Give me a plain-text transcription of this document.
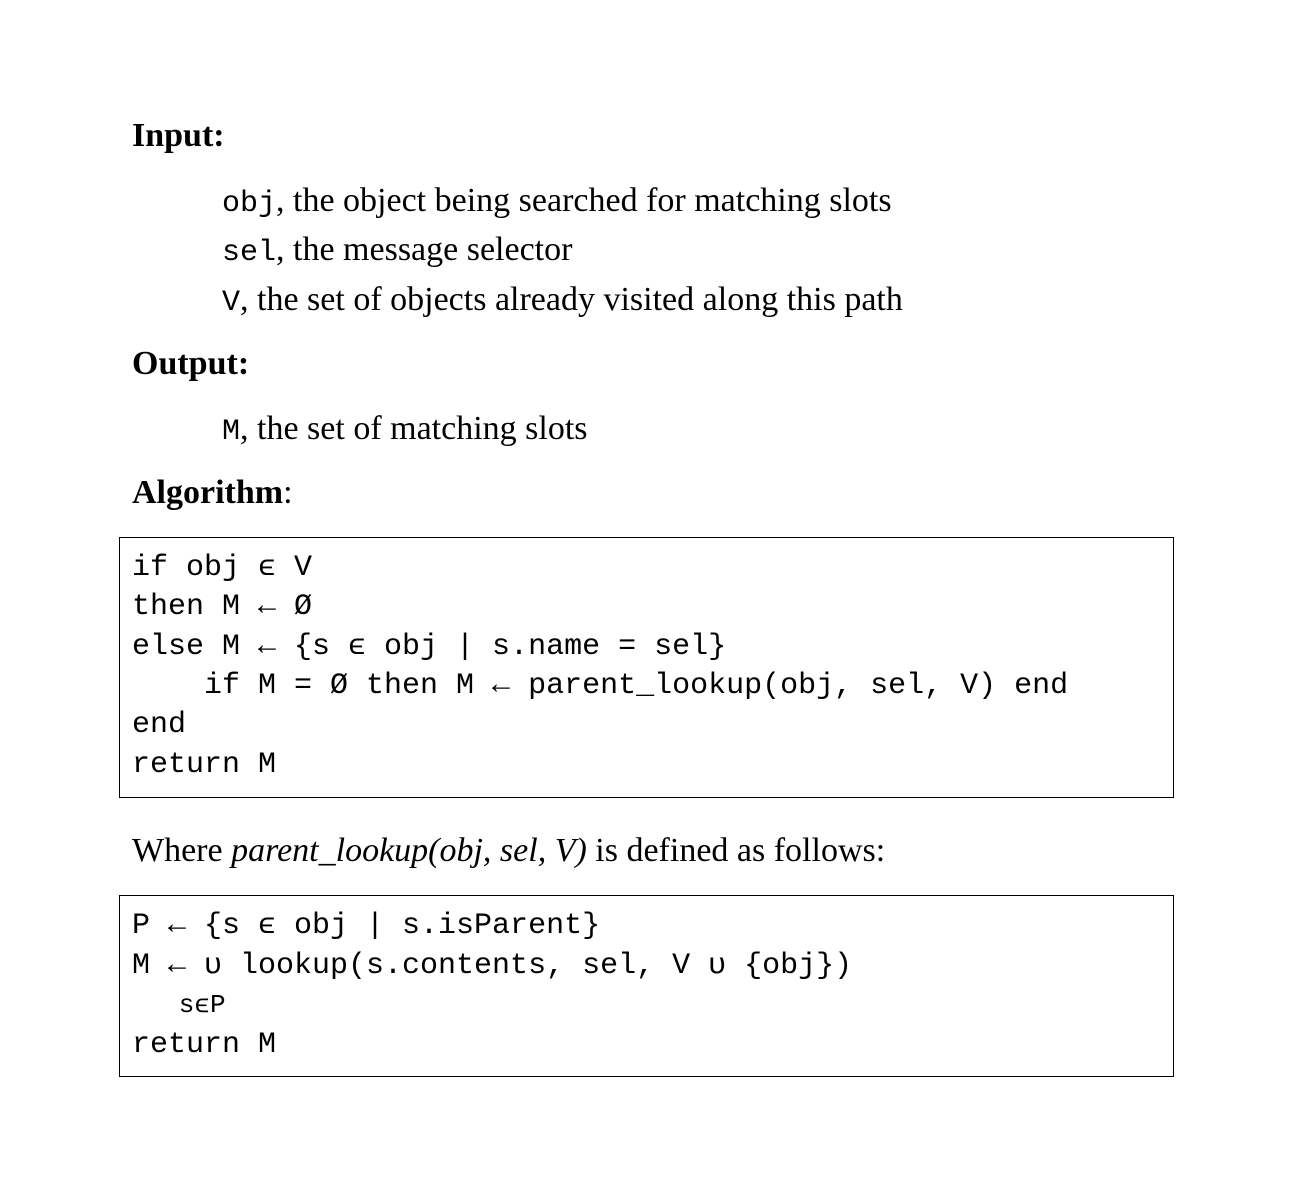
Input:
obj, the object being searched for matching slots
sel, the message selector
V, the set of objects already visited along this path
Output:
M, the set of matching slots
Algorithm:
if obj ϵ V
then M ← Ø
else M ← {s ϵ obj | s.name = sel}
if M = Ø then M ← parent_lookup(obj, sel, V) end
end
return M
Where parent_lookup(obj, sel, V) is defined as follows:
P ← {s ϵ obj | s.isParent}
M ← υ lookup(s.contents, sel, V υ {obj})
sϵP
return M
